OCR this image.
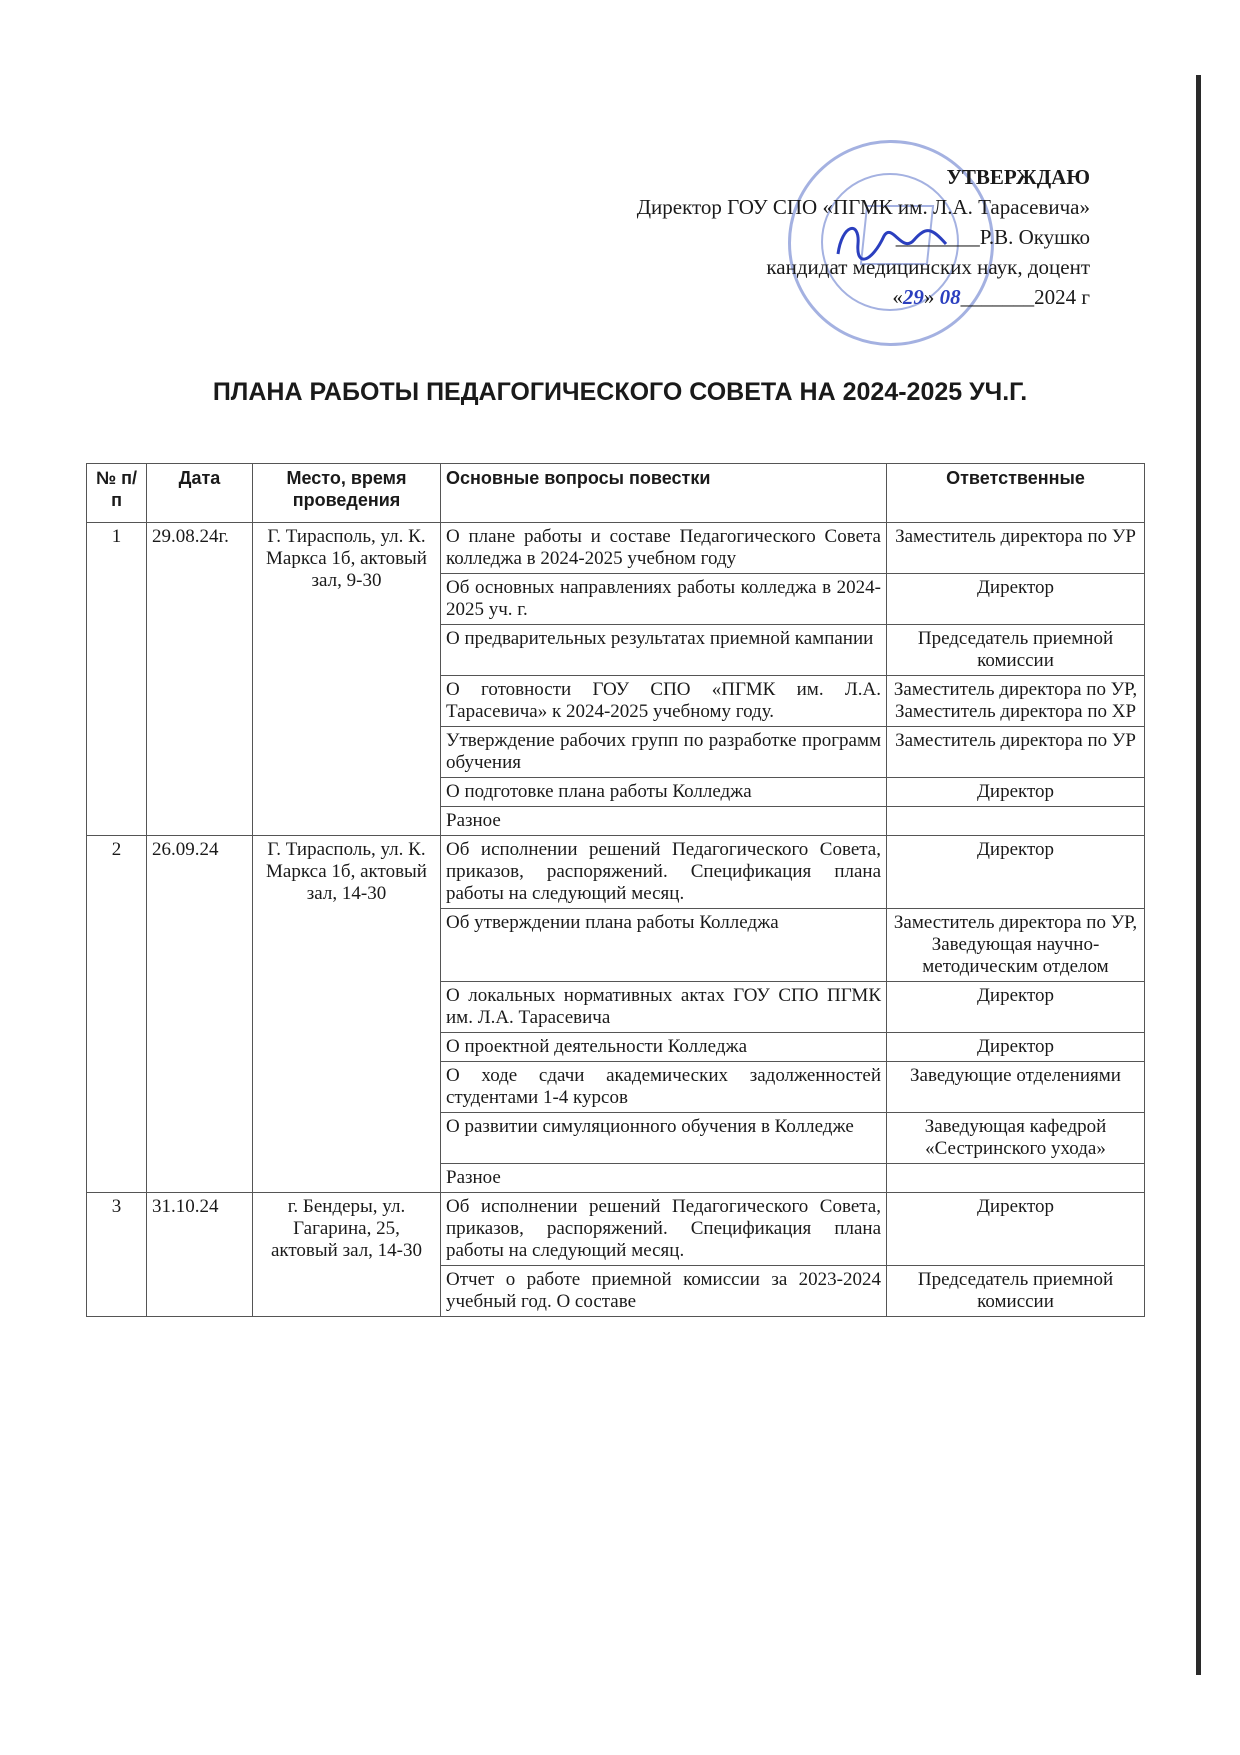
УТВЕРЖДАЮ
Директор ГОУ СПО «ПГМК им. Л.А. Тарасевича»
________Р.В. Окушко
кандидат медицинских наук, доцент
«29» 08_______2024 г
ПЛАНА РАБОТЫ ПЕДАГОГИЧЕСКОГО СОВЕТА НА 2024-2025 УЧ.Г.
№ п/п	Дата	Место, время проведения	Основные вопросы повестки	Ответственные
1	29.08.24г.	Г. Тирасполь, ул. К. Маркса 1б, актовый зал, 9-30	О плане работы и составе Педагогического Совета колледжа в 2024-2025 учебном году	Заместитель директора по УР
			Об основных направлениях работы колледжа в 2024-2025 уч. г.	Директор
			О предварительных результатах приемной кампании	Председатель приемной комиссии
			О готовности ГОУ СПО «ПГМК им. Л.А. Тарасевича» к 2024-2025 учебному году.	Заместитель директора по УР, Заместитель директора по ХР
			Утверждение рабочих групп по разработке программ обучения	Заместитель директора по УР
			О подготовке плана работы Колледжа	Директор
			Разное	
2	26.09.24	Г. Тирасполь, ул. К. Маркса 1б, актовый зал, 14-30	Об исполнении решений Педагогического Совета, приказов, распоряжений. Спецификация плана работы на следующий месяц.	Директор
			Об утверждении плана работы Колледжа	Заместитель директора по УР, Заведующая научно-методическим отделом
			О локальных нормативных актах ГОУ СПО ПГМК им. Л.А. Тарасевича	Директор
			О проектной деятельности Колледжа	Директор
			О ходе сдачи академических задолженностей студентами 1-4 курсов	Заведующие отделениями
			О развитии симуляционного обучения в Колледже	Заведующая кафедрой «Сестринского ухода»
			Разное	
3	31.10.24	г. Бендеры, ул. Гагарина, 25, актовый зал, 14-30	Об исполнении решений Педагогического Совета, приказов, распоряжений. Спецификация плана работы на следующий месяц.	Директор
			Отчет о работе приемной комиссии за 2023-2024 учебный год. О составе	Председатель приемной комиссии
